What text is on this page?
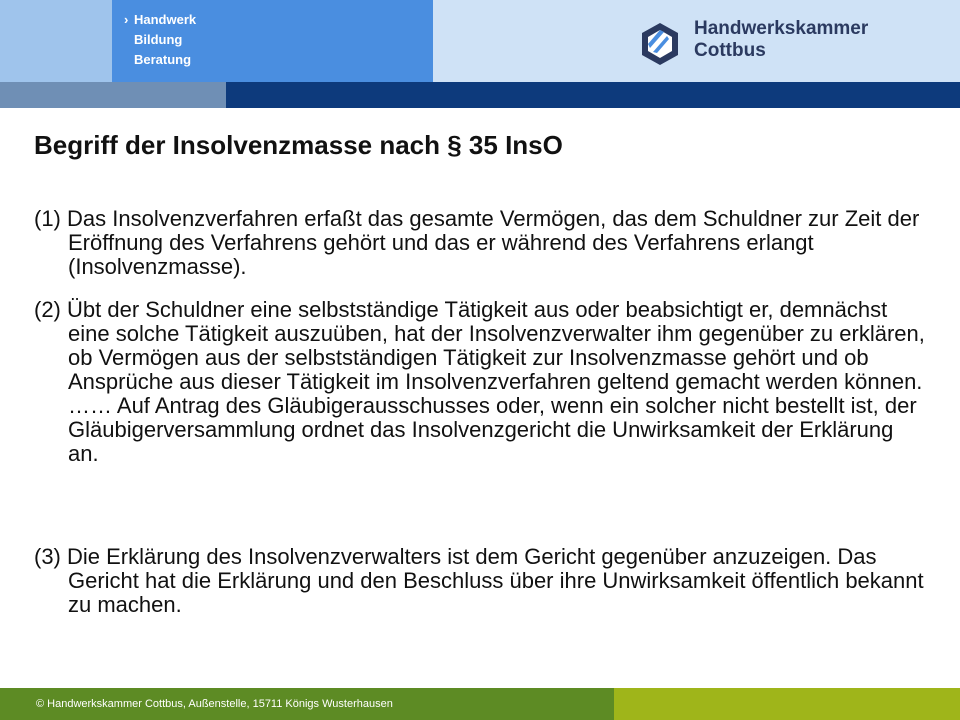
› Handwerk
Bildung
Beratung
Handwerkskammer
Cottbus
Begriff der Insolvenzmasse nach § 35 InsO

(1) Das Insolvenzverfahren erfaßt das gesamte Vermögen, das dem Schuldner zur Zeit der Eröffnung des Verfahrens gehört und das er während des Verfahrens erlangt (Insolvenzmasse).

(2) Übt der Schuldner eine selbstständige Tätigkeit aus oder beabsichtigt er, demnächst eine solche Tätigkeit auszuüben, hat der Insolvenzverwalter ihm gegenüber zu erklären, ob Vermögen aus der selbstständigen Tätigkeit zur Insolvenzmasse gehört und ob Ansprüche aus dieser Tätigkeit im Insolvenzverfahren geltend gemacht werden können. …… Auf Antrag des Gläubigerausschusses oder, wenn ein solcher nicht bestellt ist, der Gläubigerversammlung ordnet das Insolvenzgericht die Unwirksamkeit der Erklärung an.

(3) Die Erklärung des Insolvenzverwalters ist dem Gericht gegenüber anzuzeigen. Das Gericht hat die Erklärung und den Beschluss über ihre Unwirksamkeit öffentlich bekannt zu machen.

© Handwerkskammer Cottbus, Außenstelle, 15711 Königs Wusterhausen
